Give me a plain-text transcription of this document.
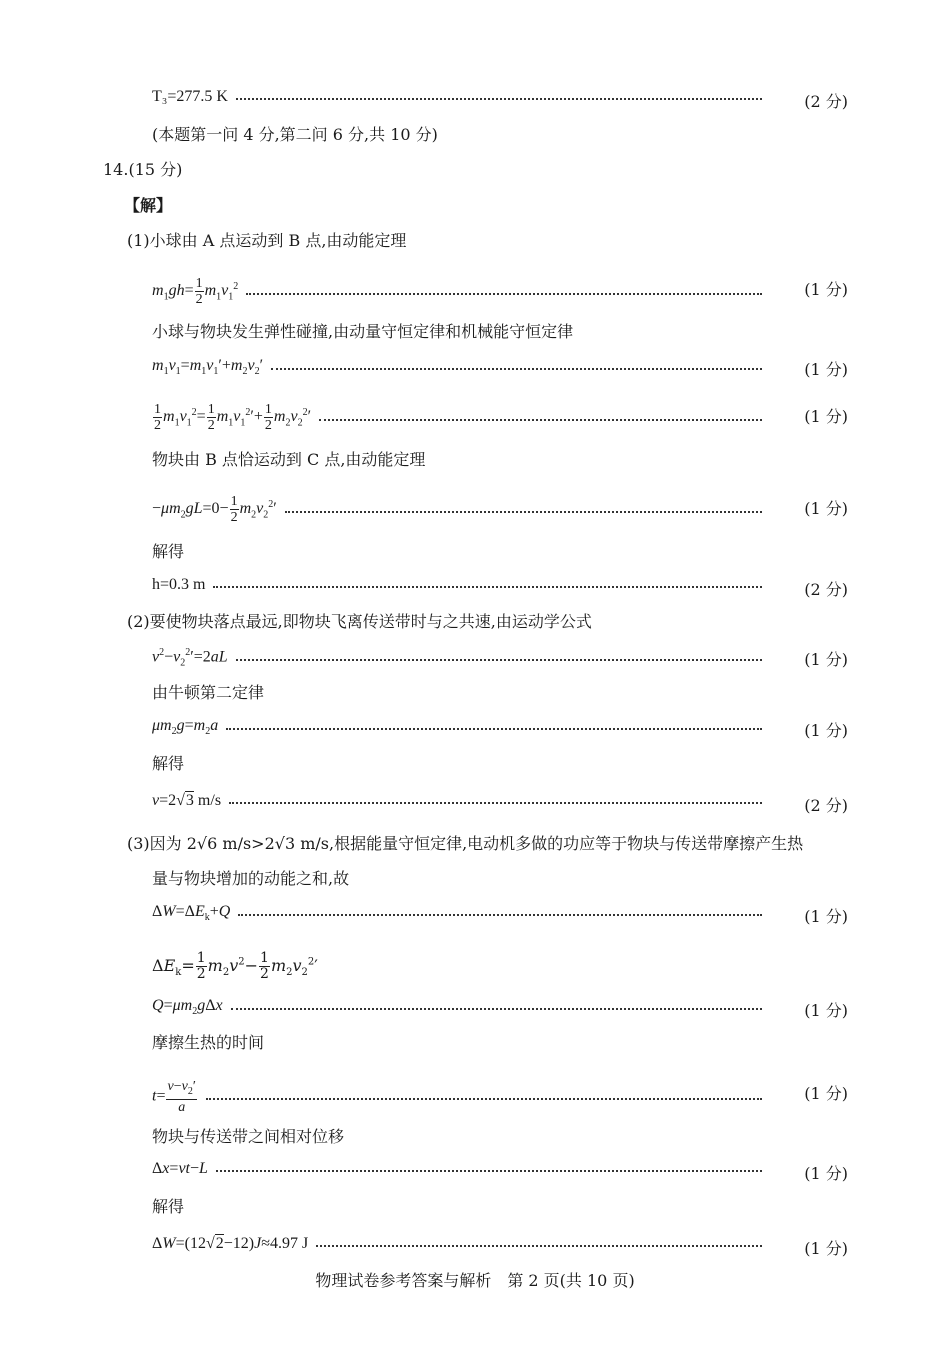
T₃=277.5 K	(2 分)
(本题第一问 4 分,第二问 6 分,共 10 分)
14.(15 分)
【解】
(1)小球由 A 点运动到 B 点,由动能定理
$m_1gh= \frac{1}{2} m_1v_1^2$	(1 分)
小球与物块发生弹性碰撞,由动量守恒定律和机械能守恒定律
$m_1v_1=m_1v_1'+m_2v_2'$	(1 分)
$\frac{1}{2} m_1v_1^2= \frac{1}{2} m_1v_1^2'+ \frac{1}{2} m_2v_2^2'$	(1 分)
物块由 B 点恰运动到 C 点,由动能定理
$-\mu m_2gL=0- \frac{1}{2} m_2v_2^2'$	(1 分)
解得
h=0.3 m	(2 分)
(2)要使物块落点最远,即物块飞离传送带时与之共速,由运动学公式
$v^2-v_2^2'=2aL$	(1 分)
由牛顿第二定律
$\mu m_2g=m_2a$	(1 分)
解得
v=2√3 m/s	(2 分)
(3)因为 2√6 m/s>2√3 m/s,根据能量守恒定律,电动机多做的功应等于物块与传送带摩擦产生热
量与物块增加的动能之和,故
$\Delta W=\Delta E_k+Q$	(1 分)
$\Delta E_k= \frac{1}{2} m_2v^2- \frac{1}{2} m_2v_2^2'$
$Q=\mu m_2g\Delta x$	(1 分)
摩擦生热的时间
$t= \frac{v-v_2'}{a}$	(1 分)
物块与传送带之间相对位移
Δx=vt−L	(1 分)
解得
ΔW=(12√2−12)J≈4.97 J	(1 分)
物理试卷参考答案与解析　第 2 页(共 10 页)
